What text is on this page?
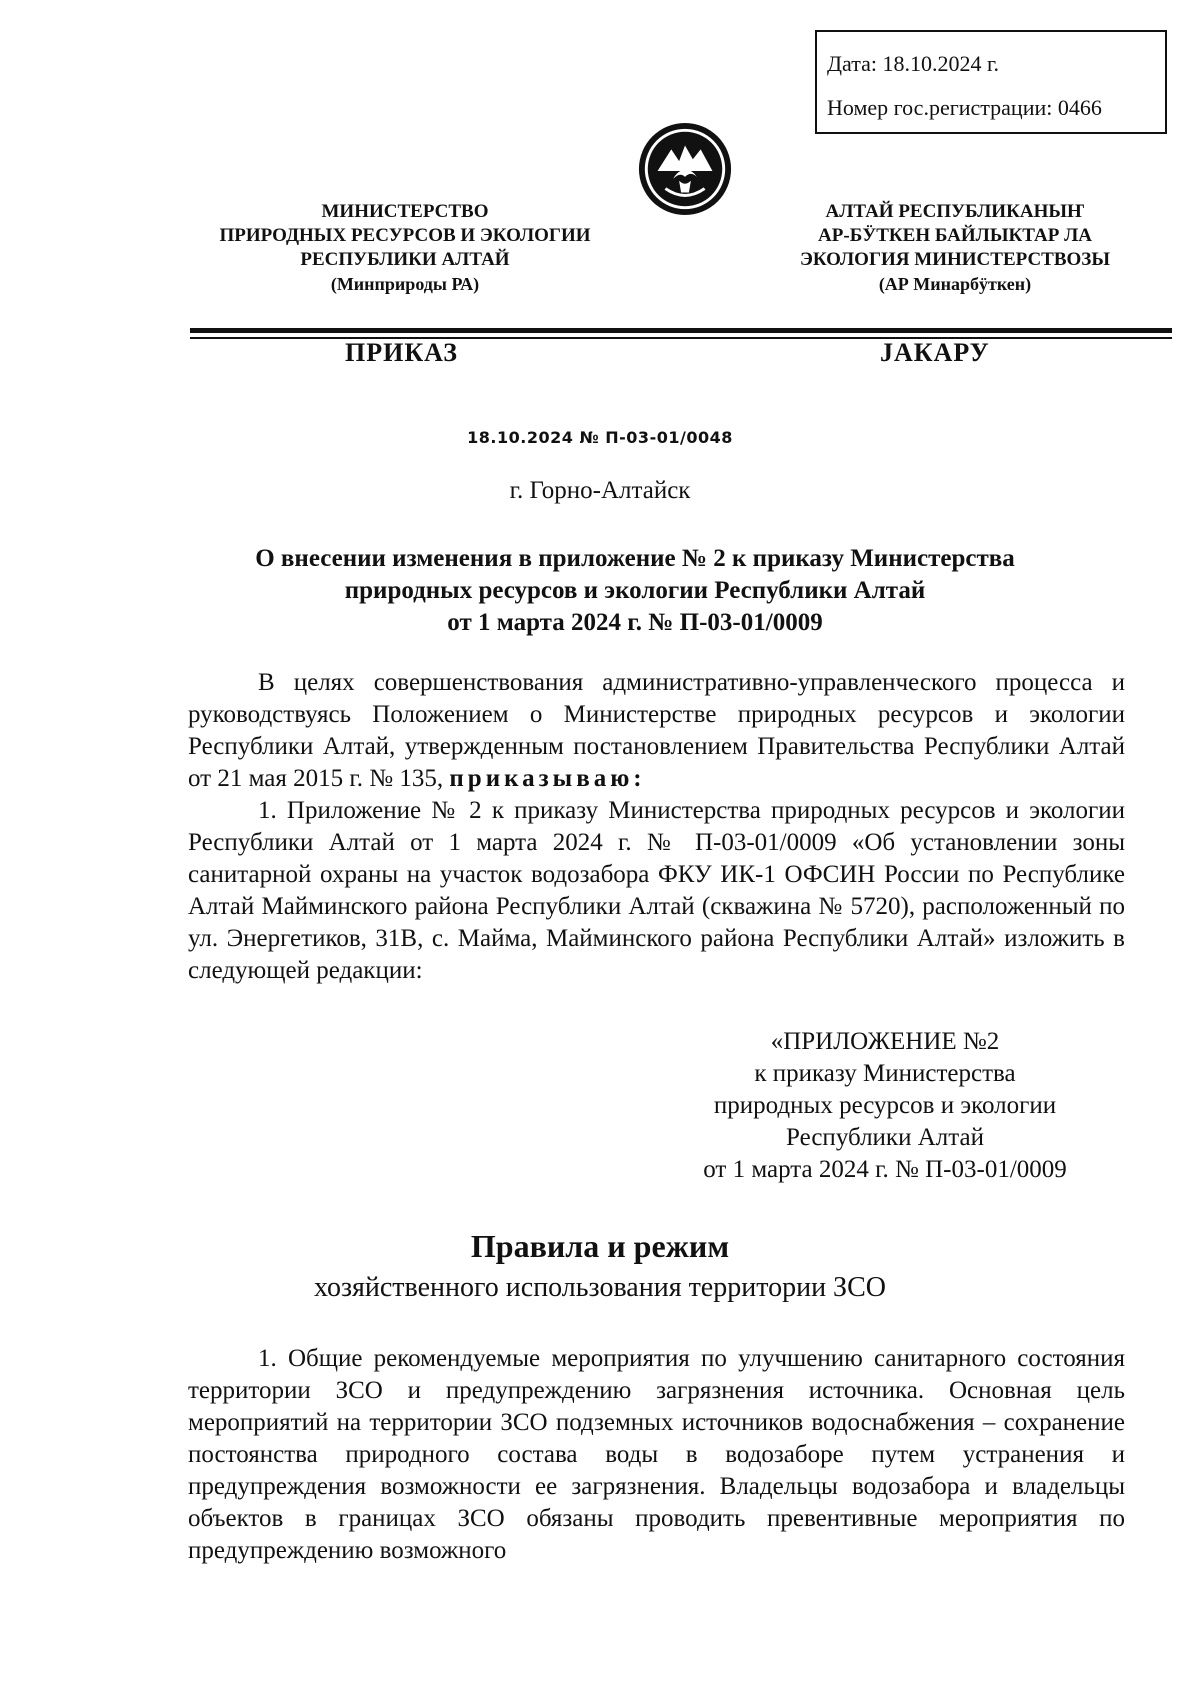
Дата: 18.10.2024 г.
Номер гос.регистрации: 0466
МИНИСТЕРСТВО
ПРИРОДНЫХ РЕСУРСОВ И ЭКОЛОГИИ
РЕСПУБЛИКИ АЛТАЙ
(Минприроды РА)
АЛТАЙ РЕСПУБЛИКАНЫҤ
АР-БӰТКЕН БАЙЛЫКТАР ЛА
ЭКОЛОГИЯ МИНИСТЕРСТВОЗЫ
(АР Минарбӱткен)
ПРИКАЗ	JАКАРУ
18.10.2024 № П-03-01/0048
г. Горно-Алтайск
О внесении изменения в приложение № 2 к приказу Министерства
природных ресурсов и экологии Республики Алтай
от 1 марта 2024 г. № П-03-01/0009

В целях совершенствования административно-управленческого процесса и руководствуясь Положением о Министерстве природных ресурсов и экологии Республики Алтай, утвержденным постановлением Правительства Республики Алтай от 21 мая 2015 г. № 135, приказываю:

1. Приложение № 2 к приказу Министерства природных ресурсов и экологии Республики Алтай от 1 марта 2024 г. № П-03-01/0009 «Об установлении зоны санитарной охраны на участок водозабора ФКУ ИК-1 ОФСИН России по Республике Алтай Майминского района Республики Алтай (скважина № 5720), расположенный по ул. Энергетиков, 31В, с. Майма, Майминского района Республики Алтай» изложить в следующей редакции:

«ПРИЛОЖЕНИЕ №2
к приказу Министерства
природных ресурсов и экологии
Республики Алтай
от 1 марта 2024 г. № П-03-01/0009
Правила и режим
хозяйственного использования территории ЗСО

1. Общие рекомендуемые мероприятия по улучшению санитарного состояния территории ЗСО и предупреждению загрязнения источника. Основная цель мероприятий на территории ЗСО подземных источников водоснабжения – сохранение постоянства природного состава воды в водозаборе путем устранения и предупреждения возможности ее загрязнения. Владельцы водозабора и владельцы объектов в границах ЗСО обязаны проводить превентивные мероприятия по предупреждению возможного
